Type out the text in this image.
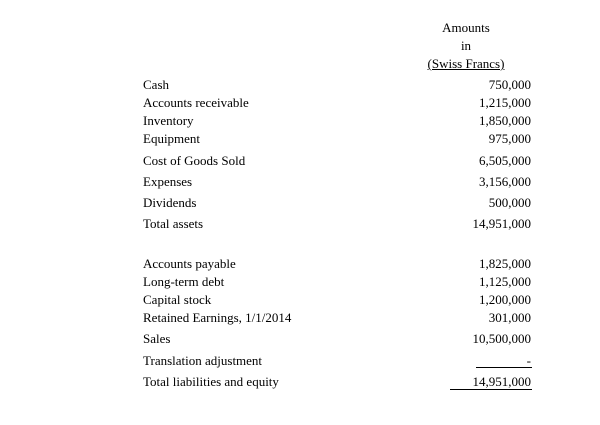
Amounts
in
(Swiss Francs)
Cash	750,000
Accounts receivable	1,215,000
Inventory	1,850,000
Equipment	975,000
Cost of Goods Sold	6,505,000
Expenses	3,156,000
Dividends	500,000
Total assets	14,951,000
Accounts payable	1,825,000
Long-term debt	1,125,000
Capital stock	1,200,000
Retained Earnings, 1/1/2014	301,000
Sales	10,500,000
Translation adjustment	-
Total liabilities and equity	14,951,000
